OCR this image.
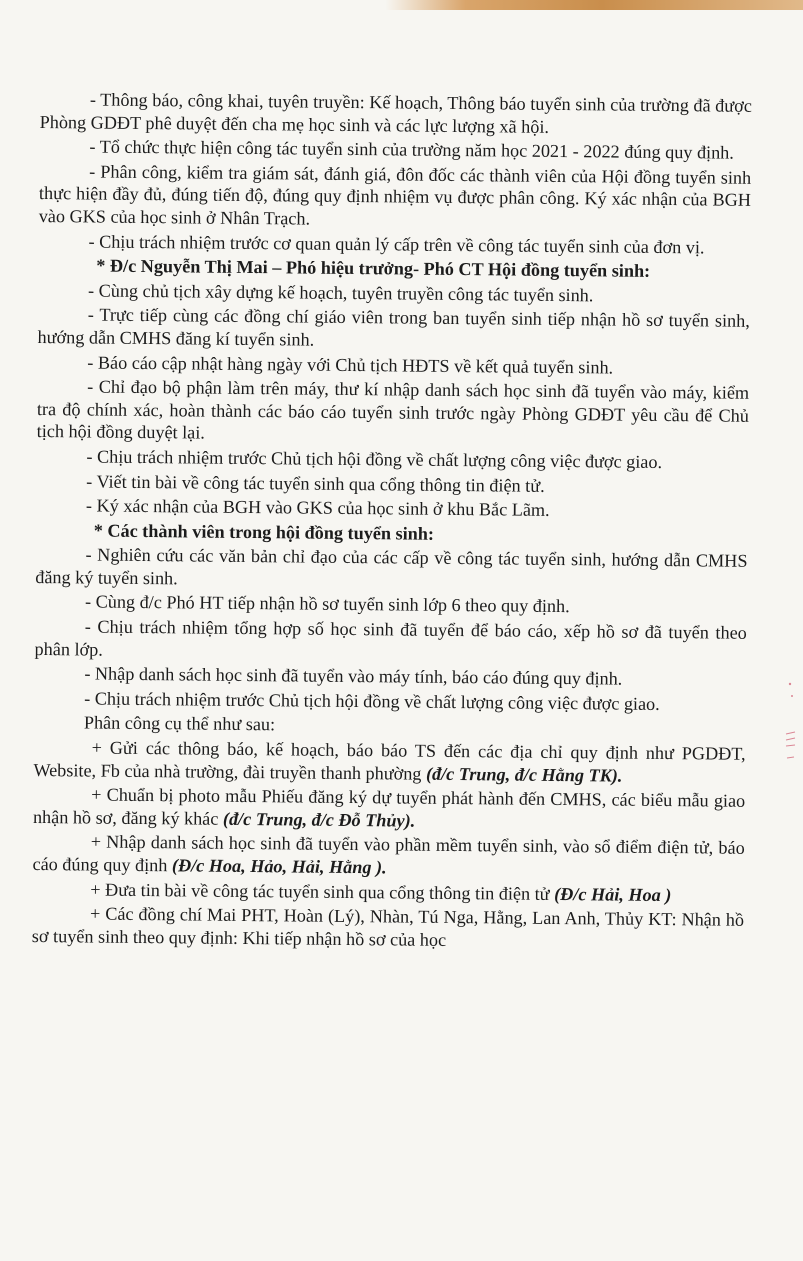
- Thông báo, công khai, tuyên truyền: Kế hoạch, Thông báo tuyển sinh của trường đã được Phòng GDĐT phê duyệt đến cha mẹ học sinh và các lực lượng xã hội.

- Tổ chức thực hiện công tác tuyển sinh của trường năm học 2021 - 2022 đúng quy định.

- Phân công, kiểm tra giám sát, đánh giá, đôn đốc các thành viên của Hội đồng tuyển sinh thực hiện đầy đủ, đúng tiến độ, đúng quy định nhiệm vụ được phân công. Ký xác nhận của BGH vào GKS của học sinh ở Nhân Trạch.

- Chịu trách nhiệm trước cơ quan quản lý cấp trên về công tác tuyển sinh của đơn vị.

* Đ/c Nguyễn Thị Mai – Phó hiệu trưởng- Phó CT Hội đồng tuyển sinh:

- Cùng chủ tịch xây dựng kế hoạch, tuyên truyền công tác tuyển sinh.

- Trực tiếp cùng các đồng chí giáo viên trong ban tuyển sinh tiếp nhận hồ sơ tuyển sinh, hướng dẫn CMHS đăng kí tuyển sinh.

- Báo cáo cập nhật hàng ngày với Chủ tịch HĐTS về kết quả tuyển sinh.

- Chỉ đạo bộ phận làm trên máy, thư kí nhập danh sách học sinh đã tuyển vào máy, kiểm tra độ chính xác, hoàn thành các báo cáo tuyển sinh trước ngày Phòng GDĐT yêu cầu để Chủ tịch hội đồng duyệt lại.

- Chịu trách nhiệm trước Chủ tịch hội đồng về chất lượng công việc được giao.

- Viết tin bài về công tác tuyển sinh qua cổng thông tin điện tử.

- Ký xác nhận của BGH vào GKS của học sinh ở khu Bắc Lãm.

* Các thành viên trong hội đồng tuyển sinh:

- Nghiên cứu các văn bản chỉ đạo của các cấp về công tác tuyển sinh, hướng dẫn CMHS đăng ký tuyển sinh.

- Cùng đ/c Phó HT tiếp nhận hồ sơ tuyển sinh lớp 6 theo quy định.

- Chịu trách nhiệm tổng hợp số học sinh đã tuyển để báo cáo, xếp hồ sơ đã tuyển theo phân lớp.

- Nhập danh sách học sinh đã tuyển vào máy tính, báo cáo đúng quy định.

- Chịu trách nhiệm trước Chủ tịch hội đồng về chất lượng công việc được giao.

Phân công cụ thể như sau:

+ Gửi các thông báo, kế hoạch, báo báo TS đến các địa chỉ quy định như PGDĐT, Website, Fb của nhà trường, đài truyền thanh phường (đ/c Trung, đ/c Hằng TK).

+ Chuẩn bị photo mẫu Phiếu đăng ký dự tuyển phát hành đến CMHS, các biểu mẫu giao nhận hồ sơ, đăng ký khác (đ/c Trung, đ/c Đỗ Thủy).

+ Nhập danh sách học sinh đã tuyển vào phần mềm tuyển sinh, vào sổ điểm điện tử, báo cáo đúng quy định (Đ/c Hoa, Hảo, Hải, Hằng ).

+ Đưa tin bài về công tác tuyển sinh qua cổng thông tin điện tử (Đ/c Hải, Hoa )

+ Các đồng chí Mai PHT, Hoàn (Lý), Nhàn, Tú Nga, Hằng, Lan Anh, Thủy KT: Nhận hồ sơ tuyển sinh theo quy định: Khi tiếp nhận hồ sơ của học
